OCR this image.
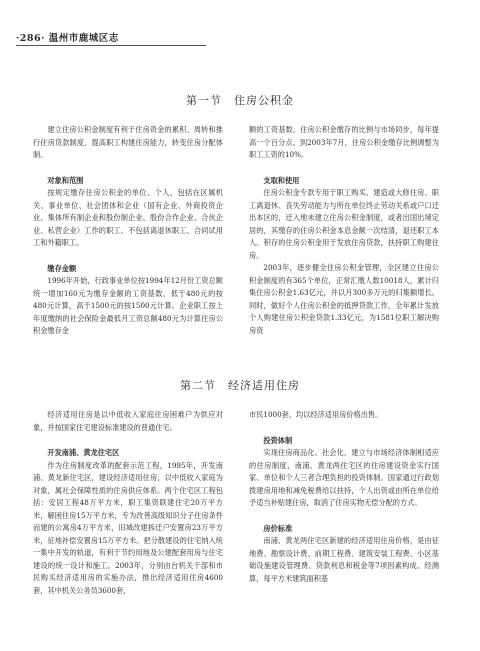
·286· 温州市鹿城区志
第一节　住房公积金

建立住房公积金制度有利于住房资金的累积、周转和推行住房货款制度，提高职工构建住房能力，转变住房分配体制。

对象和范围

按规定缴存住房公积金的单位、个人，包括在区属机关、事业单位、社会团体和企业（国有企业、外商投资企业、集体所有制企业和股份制企业、股份合作企业、合伙企业、私营企业）工作的职工。不包括离退休职工、合同试用工和外籍职工。

缴存金额

1996年开始，行政事业单位按1994年12月份工资总额统一增加160元为缴存金额的工资基数，低于480元的按480元计算，高于1500元的按1500元计算。企业职工按上年度缴纳的社会保险金最低月工资总额480元为计算住房公积金缴存金

额的工资基数。住房公积金缴存的比例与市场同步，每年提高一个百分点。到2003年7月，住房公积金缴存比例调整为职工工资的10%。

支取和使用

住房公积金专款专用于职工购买、建造或大修住房、职工离退休、丧失劳动能力与所在单位终止劳动关系或户口迁出本区的，迁入地未建立住房公积金制度，或者出国出境定居的，其缴存的住房公积金本息金额一次结清，退还职工本人。积存的住房公积金用于发放住房贷款，扶持职工购建住房。

2003年，逐步健全住房公积金管理，全区建立住房公积金制度的有365个单位，正常汇缴人数10018人，累计归集住房公积金1.63亿元，并以月300多万元的归集额增长。同时，做好个人住房公积金的抵押贷款工作，全年累计发放个人购建住房公积金贷款1.33亿元，为1581位职工解决购房资

第二节　经济适用住房

经济适用住房是以中低收入家庭住房困难户为供应对象，并按国家住宅建设标准建设的普通住宅。

开发南浦、黄龙住宅区

作为住房制度改革的配套示范工程，1995年，开发南浦、黄龙新住宅区，建设经济适用住房，以中低收入家庭为对象，属社会保障性质的住房供应体系。两个住宅区工程包括：安居工程48万平方米，职工集资联建住宅20万平方米，解困住房15万平方米，专为改善高级知识分子住房条件而建的公寓房4万平方米，旧城改建拆迁户安置房23万平方米，征地补偿安置房15万平方米。把分散建设的住宅纳入统一集中开发的轨道，有利于节约用地及公建配套用房与住宅建设的统一设计和施工。2003年，分别由台机关干部和市民购买经济适用房的实施办法，推出经济适用住房4600套，其中机关公务员3600套，

市民1000套，均以经济适用房价格出售。

投资体制

实现住房商品化、社会化，建立与市场经济体制相适应的住房制度，南浦、黄龙两住宅区的住房建设资金实行国家、单位和个人三者合理负担的投资体制。国家通过行政划拨建房用地和减免税费给以扶持，个人出资或由所在单位给予适当补贴建住房，取消了住房实物无偿分配的方式。

房价标准

南浦、黄龙两住宅区新建的经济适用住房价格，是由征地费、勘察设计费、前期工程费、建筑安装工程费、小区基础设施建设管理费、贷款利息和税金等7项因素构成。经测算，每平方米建筑面积基
